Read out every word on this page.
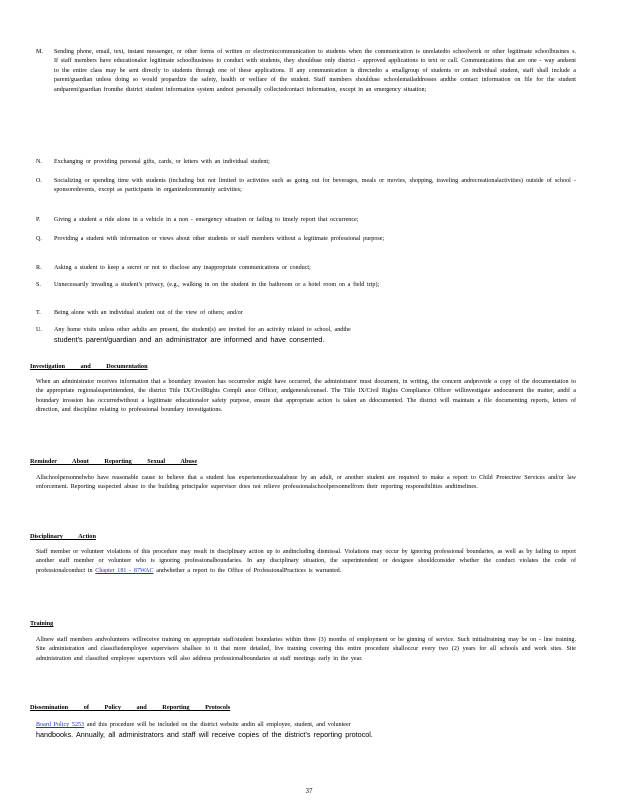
M.	Sending phone, email, text, instant messenger, or other forms of written or electroniccommunication to students when the communication is unrelatedto schoolwork or other legitimate schoolbusines s. If staff members have educationalor legitimate schoolbusiness to conduct with students, they shoulduse only district - approved applications to text or call. Communications that are one - way andsent to the entire class may be sent directly to students through one of these applications. If any communication is directedto a smallgroup of students or an individual student, staff shall include a parent/guardian unless doing so would jeopardize the safety, health or welfare of the student. Staff members shoulduse schoolemailaddresses andthe contact information on file for the student andparent/guardian fromthe district student information system andnot personally collectedcontact information, except in an emergency situation;
N.	Exchanging or providing personal gifts, cards, or letters with an individual student;
O.	Socializing or spending time with students (including but not limited to activities such as going out for beverages, meals or movies, shopping, traveling andrecreationalactivities) outside of school - sponsoredevents, except as participants in organizedcommunity activities;
P.	Giving a student a ride alone in a vehicle in a non - emergency situation or failing to timely report that occurrence;
Q.	Providing a student with information or views about other students or staff members without a legitimate professional purpose;
R.	Asking a student to keep a secret or not to disclose any inappropriate communications or conduct;
S.	Unnecessarily invading a student’s privacy, (e.g., walking in on the student in the bathroom or a hotel room on a field trip);
T.	Being alone with an individual student out of the view of others; and/or
U.	Any home visits unless other adults are present, the student(s) are invited for an activity related to school, andthe
student’s parent/guardian and an administrator are informed and have consented.
Investigation and Documentation
When an administrator receives information that a boundary invasion has occurredor might have occurred, the administrator must document, in writing, the concern andprovide a copy of the documentation to the appropriate regionalsuperintendent, the district Title IX/CivilRights Compli ance Officer, andgeneralcounsel. The Title IX/Civil Rights Compliance Officer willinvestigate andocument the matter, andif a boundary invasion has occurredwithout a legitimate educationalor safety purpose, ensure that appropriate action is taken an ddocumented. The district will maintain a file documenting reports, letters of direction, and discipline relating to professional boundary investigations.
Reminder About Reporting Sexual Abuse
Allschoolpersonnelwho have reasonable cause to believe that a student has experiencedsexualabuse by an adult, or another student are required to make a report to Child Protective Services and/or law enforcement. Reporting suspected abuse to the building principalor supervisor does not relieve professionalschoolpersonnelfrom their reporting responsibilities andtimelines.
Disciplinary Action
Staff member or volunteer violations of this procedure may result in disciplinary action up to andincluding dismissal. Violations may occur by ignoring professional boundaries, as well as by failing to report another staff member or volunteer who is ignoring professionalboundaries. In any disciplinary situation, the superintendent or designee shouldconsider whether the conduct violates the code of professionalconduct in Chapter 181 - 87WAC andwhether a report to the Office of ProfessionalPractices is warranted.
Training
Allnew staff members andvolunteers willreceive training on appropriate staff/student boundaries within three (3) months of employment or be ginning of service. Such initialtraining may be on - line training. Site administration and classifiedemployee supervisors shallsee to it that more detailed, live training covering this entire procedure shalloccur every two (2) years for all schools and work sites. Site administration and classified employee supervisors will also address professionalboundaries at staff meetings early in the year.
Dissemination of Policy and Reporting Protocols
Board Policy 5253 and this procedure will be included on the district website andin all employee, student, and volunteer
handbooks. Annually, all administrators and staff will receive copies of the district’s reporting protocol.
37
